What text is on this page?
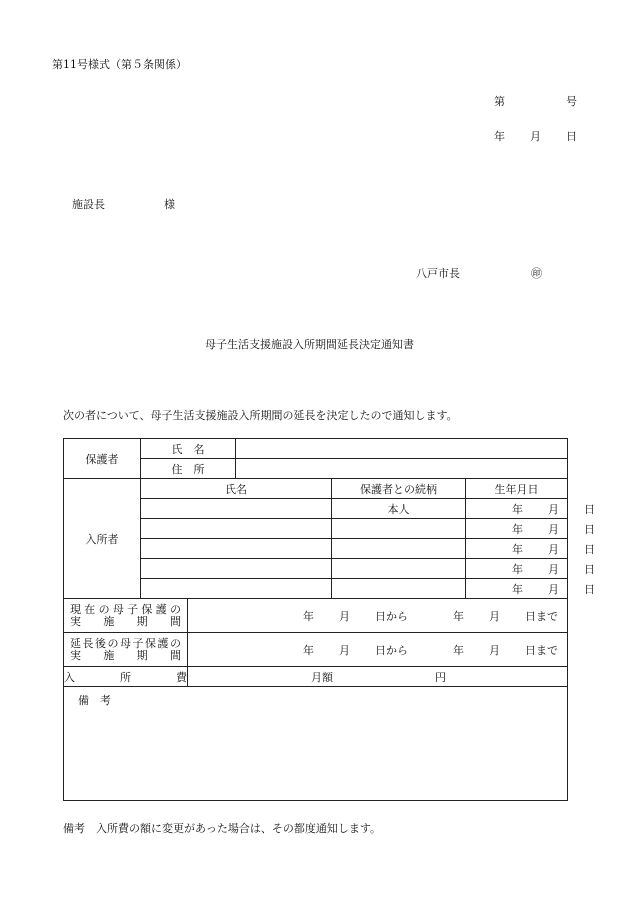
第11号様式（第５条関係）
第	号
年 月 日
施設長	様
八戸市長	㊞
母子生活支援施設入所期間延長決定通知書
次の者について、母子生活支援施設入所期間の延長を決定したので通知します。
保護者	氏　名				
	住　所				
入所者	氏名			保護者との続柄	生年月日
				本人	年 月 日
					年 月 日
					年 月 日
					年 月 日
					年 月 日

現在の母子保護の
実施期間		年 月 日から 年 月 日まで			

延長後の母子保護の
実施期間		年 月 日から 年 月 日まで			
入所費		月額 円			

備　考					
備考　入所費の額に変更があった場合は、その都度通知します。
